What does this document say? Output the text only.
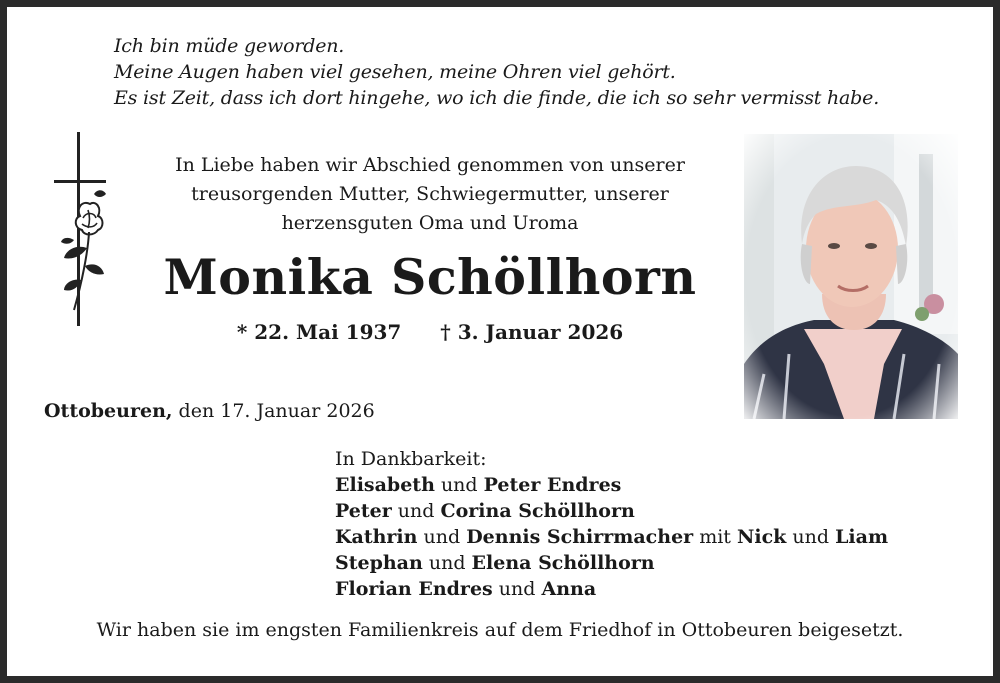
Ich bin müde geworden.
Meine Augen haben viel gesehen, meine Ohren viel gehört.
Es ist Zeit, dass ich dort hingehe, wo ich die finde, die ich so sehr vermisst habe.
In Liebe haben wir Abschied genommen von unserer
treusorgenden Mutter, Schwiegermutter, unserer
herzensguten Oma und Uroma
Monika Schöllhorn
* 22. Mai 1937 † 3. Januar 2026
Ottobeuren, den 17. Januar 2026
In Dankbarkeit:
Elisabeth und Peter Endres
Peter und Corina Schöllhorn
Kathrin und Dennis Schirrmacher mit Nick und Liam
Stephan und Elena Schöllhorn
Florian Endres und Anna
Wir haben sie im engsten Familienkreis auf dem Friedhof in Ottobeuren beigesetzt.
